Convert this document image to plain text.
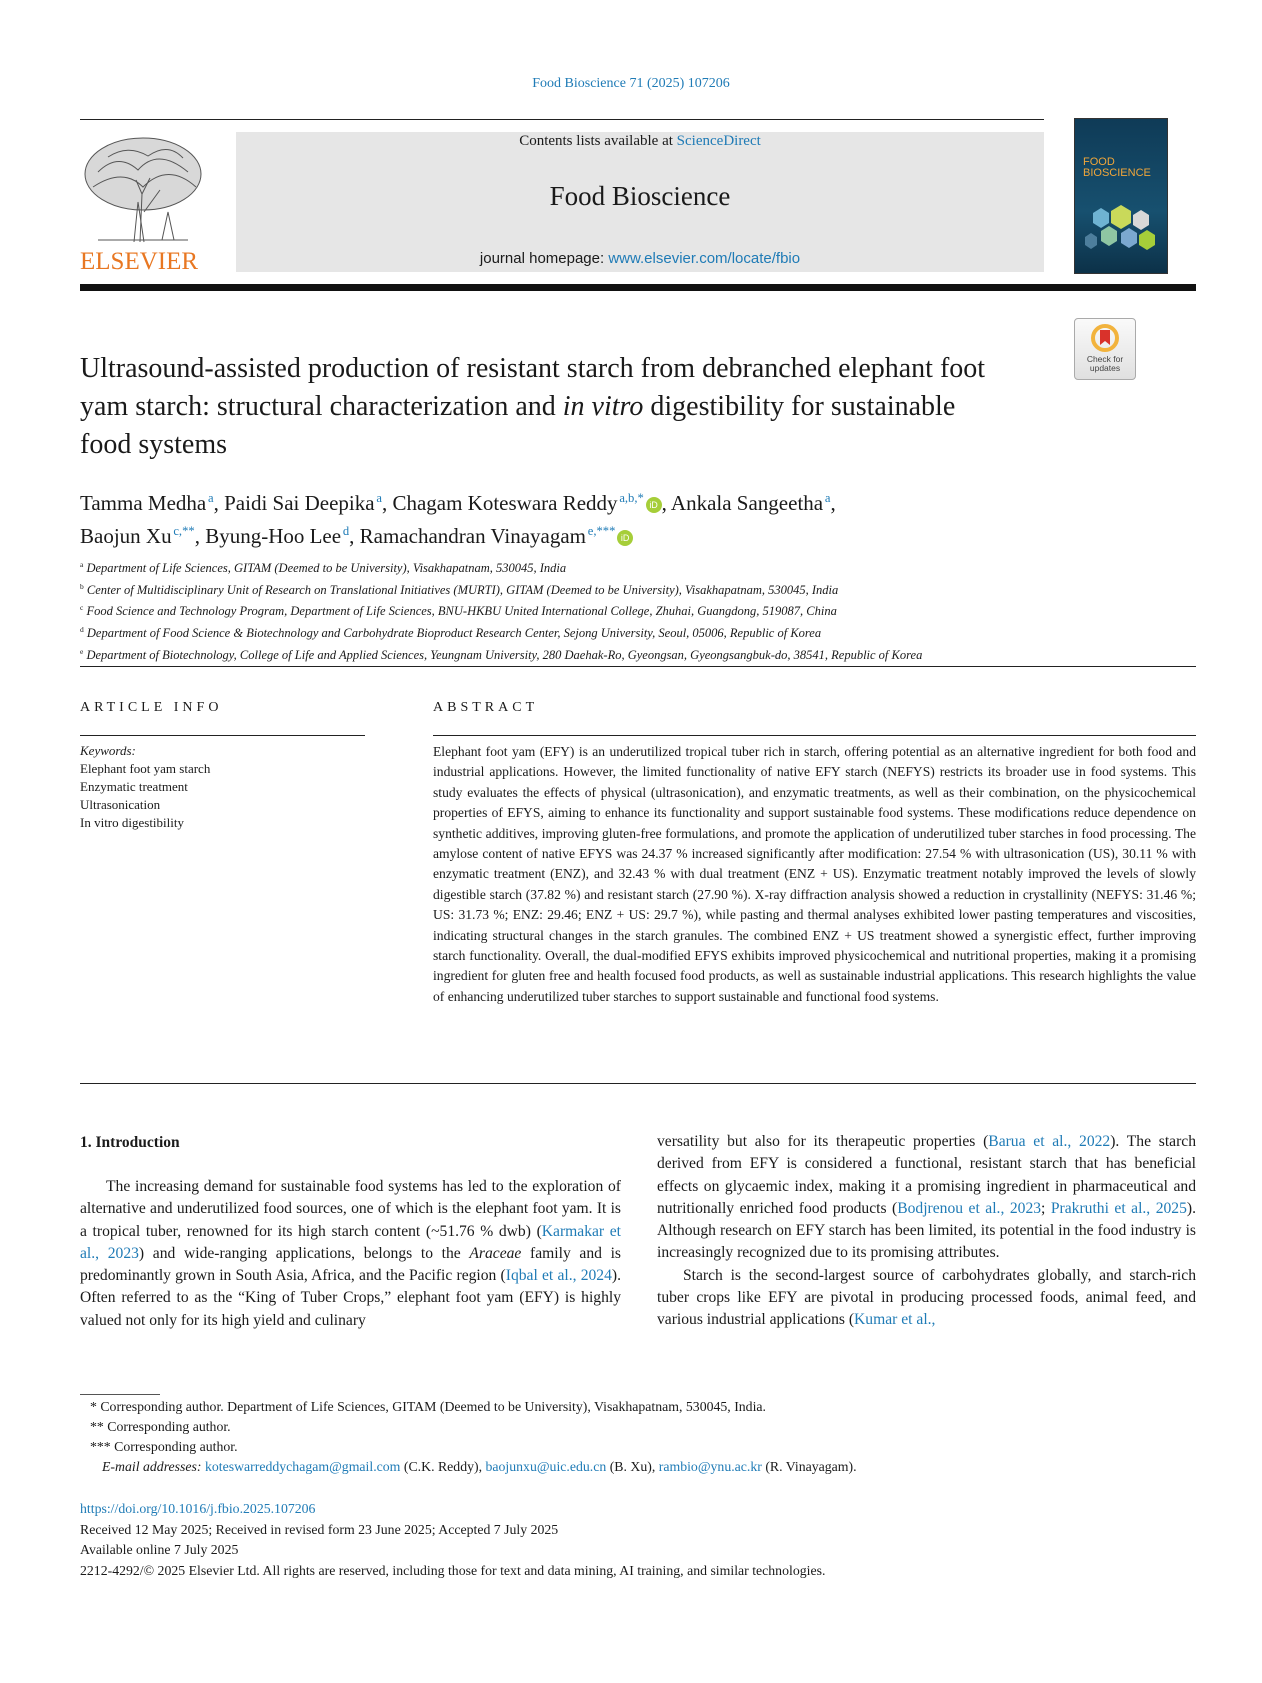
Food Bioscience 71 (2025) 107206
ELSEVIER
Contents lists available at ScienceDirect
Food Bioscience
journal homepage: www.elsevier.com/locate/fbio
FOOD
BIOSCIENCE
Check for
updates
Ultrasound-assisted production of resistant starch from debranched elephant foot yam starch: structural characterization and in vitro digestibility for sustainable food systems
Tamma Medha  $^a$, Paidi Sai Deepika  $^a$, Chagam Koteswara Reddy  $^{a,b,*}$  iD , Ankala Sangeetha  $^a$,
Baojun Xu  $^{c,**}$, Byung-Hoo Lee  $^d$, Ramachandran Vinayagam  $^{e,***}$  iD
$^a$ Department of Life Sciences, GITAM (Deemed to be University), Visakhapatnam, 530045, India
$^b$ Center of Multidisciplinary Unit of Research on Translational Initiatives (MURTI), GITAM (Deemed to be University), Visakhapatnam, 530045, India
$^c$ Food Science and Technology Program, Department of Life Sciences, BNU-HKBU United International College, Zhuhai, Guangdong, 519087, China
$^d$ Department of Food Science & Biotechnology and Carbohydrate Bioproduct Research Center, Sejong University, Seoul, 05006, Republic of Korea
$^e$ Department of Biotechnology, College of Life and Applied Sciences, Yeungnam University, 280 Daehak-Ro, Gyeongsan, Gyeongsangbuk-do, 38541, Republic of Korea
ARTICLE INFO	ABSTRACT
Keywords:
Elephant foot yam starch
Enzymatic treatment
Ultrasonication
In vitro digestibility
Elephant foot yam (EFY) is an underutilized tropical tuber rich in starch, offering potential as an alternative ingredient for both food and industrial applications. However, the limited functionality of native EFY starch (NEFYS) restricts its broader use in food systems. This study evaluates the effects of physical (ultrasonication), and enzymatic treatments, as well as their combination, on the physicochemical properties of EFYS, aiming to enhance its functionality and support sustainable food systems. These modifications reduce dependence on synthetic additives, improving gluten-free formulations, and promote the application of underutilized tuber starches in food processing. The amylose content of native EFYS was 24.37 % increased significantly after modification: 27.54 % with ultrasonication (US), 30.11 % with enzymatic treatment (ENZ), and 32.43 % with dual treatment (ENZ + US). Enzymatic treatment notably improved the levels of slowly digestible starch (37.82 %) and resistant starch (27.90 %). X-ray diffraction analysis showed a reduction in crystallinity (NEFYS: 31.46 %; US: 31.73 %; ENZ: 29.46; ENZ + US: 29.7 %), while pasting and thermal analyses exhibited lower pasting temperatures and viscosities, indicating structural changes in the starch granules. The combined ENZ + US treatment showed a synergistic effect, further improving starch functionality. Overall, the dual-modified EFYS exhibits improved physicochemical and nutritional properties, making it a promising ingredient for gluten free and health focused food products, as well as sustainable industrial applications. This research highlights the value of enhancing underutilized tuber starches to support sustainable and functional food systems.
1. Introduction
The increasing demand for sustainable food systems has led to the exploration of alternative and underutilized food sources, one of which is the elephant foot yam. It is a tropical tuber, renowned for its high starch content (~51.76 % dwb) (Karmakar et al., 2023) and wide-ranging applications, belongs to the Araceae family and is predominantly grown in South Asia, Africa, and the Pacific region (Iqbal et al., 2024). Often referred to as the “King of Tuber Crops,” elephant foot yam (EFY) is highly valued not only for its high yield and culinary

versatility but also for its therapeutic properties (Barua et al., 2022). The starch derived from EFY is considered a functional, resistant starch that has beneficial effects on glycaemic index, making it a promising ingredient in pharmaceutical and nutritionally enriched food products (Bodjrenou et al., 2023; Prakruthi et al., 2025). Although research on EFY starch has been limited, its potential in the food industry is increasingly recognized due to its promising attributes.

Starch is the second-largest source of carbohydrates globally, and starch-rich tuber crops like EFY are pivotal in producing processed foods, animal feed, and various industrial applications (Kumar et al.,

* Corresponding author. Department of Life Sciences, GITAM (Deemed to be University), Visakhapatnam, 530045, India.
** Corresponding author.
*** Corresponding author.
E-mail addresses: koteswarreddychagam@gmail.com (C.K. Reddy), baojunxu@uic.edu.cn (B. Xu), rambio@ynu.ac.kr (R. Vinayagam).
https://doi.org/10.1016/j.fbio.2025.107206
Received 12 May 2025; Received in revised form 23 June 2025; Accepted 7 July 2025
Available online 7 July 2025
2212-4292/© 2025 Elsevier Ltd. All rights are reserved, including those for text and data mining, AI training, and similar technologies.
